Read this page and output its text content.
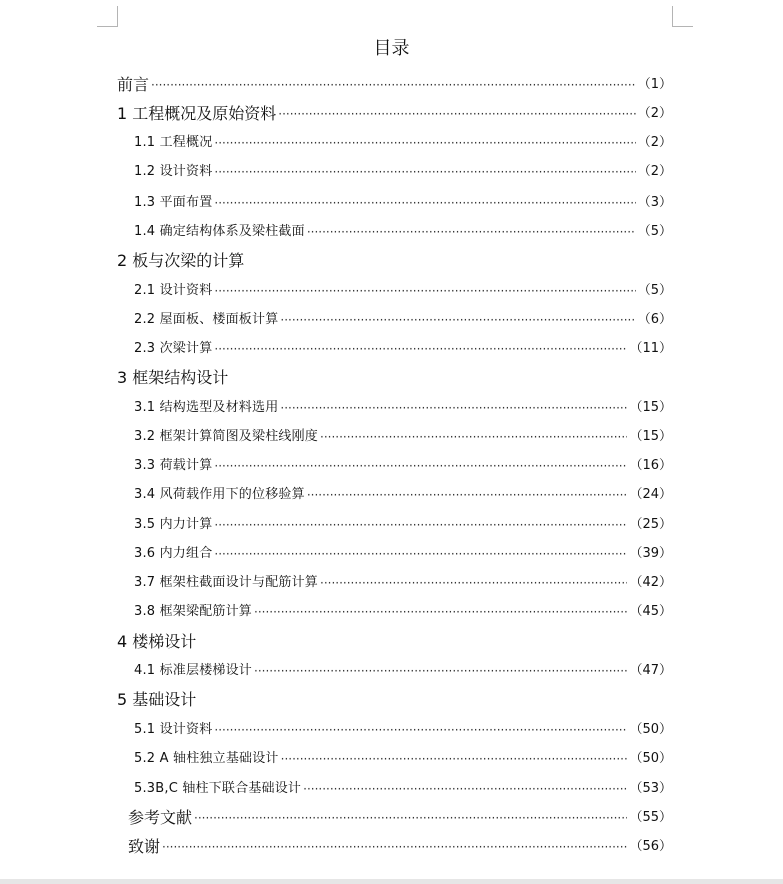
目录
前言 ·····	（1）
1 工程概况及原始资料 ·····	（2）
1.1 工程概况 ·····	（2）
1.2 设计资料 ·····	（2）
1.3 平面布置 ·····	（3）
1.4 确定结构体系及梁柱截面 ·····	（5）
2 板与次梁的计算
2.1 设计资料 ·····	（5）
2.2 屋面板、楼面板计算 ·····	（6）
2.3 次梁计算 ·····	（11）
3 框架结构设计
3.1 结构选型及材料选用 ·····	（15）
3.2 框架计算简图及梁柱线刚度 ·····	（15）
3.3 荷载计算 ·····	（16）
3.4 风荷载作用下的位移验算 ·····	（24）
3.5 内力计算 ·····	（25）
3.6 内力组合 ·····	（39）
3.7 框架柱截面设计与配筋计算 ·····	（42）
3.8 框架梁配筋计算 ·····	（45）
4 楼梯设计
4.1 标准层楼梯设计 ·····	（47）
5 基础设计
5.1 设计资料 ·····	（50）
5.2 A 轴柱独立基础设计 ·····	（50）
5.3B,C 轴柱下联合基础设计 ·····	（53）
参考文献 ·····	（55）
致谢 ·····	（56）
